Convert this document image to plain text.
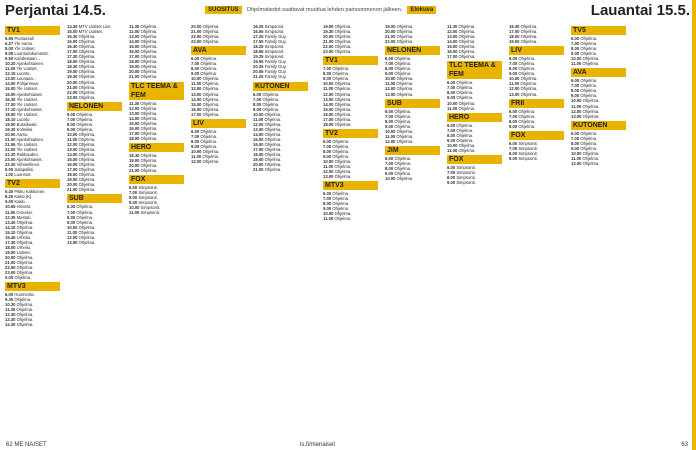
Perjantai 14.5.	SUOSITUS	Ohjelmatiedot saattavat muuttua lehden painoonmenon jälkeen.	Elokuva	Lauantai 15.5.
TV1
5.55 Puoluesali
6.27 Yle Aamu.
9.00 Yle Uutiset.
9.05 Luontodokumentti.
9.50 Kahdestaan...
10.20 Ajankohtainen.
11.00 Yle Uutiset.
12.15 Luonto.
13.00 Lounaan...
14.00 Pohjanmaa.
15.00 Yle Uutiset.
16.00 Ajankohtaiset.
16.30 Yle Uutiset.
17.00 Yle Uutiset.
17.10 Ajankohtaiset.
18.00 Yle Uutiset.
18.10 Luonto.
19.00 Bussikuski.
19.30 Kolmiksi.
20.00 Aamu.
21.00 Ajankohtainen.
21.55 Yle Uutiset.
22.00 Yle Uutiset.
22.20 Rakkauden.
23.00 Ajankohtaiset.
23.30 Viihteellinen.
0.05 Salapoliisi.
1.00 Luonnos.
TV2
5.40 Pikku Kakkonen.
8.20 Kaksi (K).
9.00 Kaksi.
10.55 Hirveät.
11.55 Onneksi.
12.35 Mestari.
13.40 Ohjelma.
14.10 Ohjelma.
15.10 Ohjelma.
15.45 Urheilu.
17.30 Ohjelma.
18.00 Urheilu.
19.00 Uutiset.
20.00 Ohjelma.
21.00 Ohjelma.
22.00 Ohjelma.
23.00 Ohjelma.
0.00 Ohjelma.
MTV3
6.00 Huomenta.
9.35 Ohjelma.
10.30 Ohjelma.
11.30 Ohjelma.
12.30 Ohjelma.
13.30 Ohjelma.
14.30 Ohjelma.
14.30 MTV Uutiset Live.
15.00 MTV Uutiset.
15.30 Ohjelma.
16.00 Ohjelma.
16.30 Ohjelma.
17.00 Ohjelma.
17.30 Ohjelma.
18.00 Ohjelma.
18.30 Ohjelma.
19.00 Ohjelma.
19.30 Ohjelma.
20.00 Ohjelma.
21.00 Ohjelma.
22.00 Ohjelma.
23.00 Ohjelma.
NELONEN
6.00 Ohjelma.
7.00 Ohjelma.
8.00 Ohjelma.
9.00 Ohjelma.
10.00 Ohjelma.
11.00 Ohjelma.
12.00 Ohjelma.
13.00 Ohjelma.
14.00 Ohjelma.
15.00 Ohjelma.
16.00 Ohjelma.
17.00 Ohjelma.
18.00 Ohjelma.
19.00 Ohjelma.
20.00 Ohjelma.
21.00 Ohjelma.
SUB
6.30 Ohjelma.
7.00 Ohjelma.
8.00 Ohjelma.
9.00 Ohjelma.
10.00 Ohjelma.
11.00 Ohjelma.
12.00 Ohjelma.
13.00 Ohjelma.
11.30 Ohjelma.
12.00 Ohjelma.
13.00 Ohjelma.
14.00 Ohjelma.
15.00 Ohjelma.
16.00 Ohjelma.
17.00 Ohjelma.
18.00 Ohjelma.
19.00 Ohjelma.
20.00 Ohjelma.
21.00 Ohjelma.
TLC TEEMA & FEM
11.30 Ohjelma.
12.00 Ohjelma.
13.00 Ohjelma.
14.00 Ohjelma.
15.00 Ohjelma.
16.00 Ohjelma.
17.00 Ohjelma.
18.00 Ohjelma.
HERO
18.30 Ohjelma.
19.00 Ohjelma.
20.00 Ohjelma.
21.00 Ohjelma.
FOX
6.00 Simpsonit.
7.00 Simpsonit.
8.00 Simpsonit.
9.00 Simpsonit.
10.00 Simpsonit.
11.00 Simpsonit.
20.00 Ohjelma.
21.00 Ohjelma.
22.00 Ohjelma.
23.00 Ohjelma.
AVA
6.00 Ohjelma.
7.00 Ohjelma.
8.00 Ohjelma.
9.00 Ohjelma.
10.00 Ohjelma.
11.00 Ohjelma.
12.00 Ohjelma.
13.00 Ohjelma.
14.00 Ohjelma.
15.00 Ohjelma.
16.00 Ohjelma.
17.00 Ohjelma.
LIV
6.00 Ohjelma.
7.00 Ohjelma.
8.00 Ohjelma.
9.00 Ohjelma.
10.00 Ohjelma.
11.00 Ohjelma.
12.00 Ohjelma.
16.25 Simpsonit.
16.55 Simpsonit.
17.25 Family Guy.
17.55 Family Guy.
18.25 Simpsonit.
18.55 Simpsonit.
19.25 Simpsonit.
19.55 Family Guy.
20.25 Family Guy.
20.55 Family Guy.
21.25 Family Guy.
KUTONEN
6.00 Ohjelma.
7.00 Ohjelma.
8.00 Ohjelma.
9.00 Ohjelma.
10.00 Ohjelma.
11.00 Ohjelma.
12.00 Ohjelma.
13.00 Ohjelma.
14.00 Ohjelma.
15.00 Ohjelma.
16.00 Ohjelma.
17.00 Ohjelma.
18.00 Ohjelma.
19.00 Ohjelma.
20.00 Ohjelma.
21.00 Ohjelma.
19.00 Ohjelma.
19.30 Ohjelma.
20.00 Ohjelma.
21.00 Ohjelma.
22.00 Ohjelma.
23.00 Ohjelma.
TV1
7.00 Ohjelma.
8.00 Ohjelma.
9.00 Ohjelma.
10.00 Ohjelma.
11.00 Ohjelma.
12.00 Ohjelma.
13.00 Ohjelma.
14.00 Ohjelma.
15.00 Ohjelma.
16.00 Ohjelma.
17.00 Ohjelma.
18.00 Ohjelma.
TV2
6.00 Ohjelma.
7.00 Ohjelma.
8.00 Ohjelma.
9.00 Ohjelma.
10.00 Ohjelma.
11.00 Ohjelma.
12.00 Ohjelma.
13.00 Ohjelma.
MTV3
6.00 Ohjelma.
7.00 Ohjelma.
8.00 Ohjelma.
9.00 Ohjelma.
10.00 Ohjelma.
11.00 Ohjelma.
19.00 Ohjelma.
20.00 Ohjelma.
21.00 Ohjelma.
22.00 Ohjelma.
NELONEN
6.00 Ohjelma.
7.00 Ohjelma.
8.00 Ohjelma.
9.00 Ohjelma.
10.00 Ohjelma.
11.00 Ohjelma.
12.00 Ohjelma.
13.00 Ohjelma.
SUB
6.00 Ohjelma.
7.00 Ohjelma.
8.00 Ohjelma.
9.00 Ohjelma.
10.00 Ohjelma.
11.00 Ohjelma.
12.00 Ohjelma.
JIM
6.00 Ohjelma.
7.00 Ohjelma.
8.00 Ohjelma.
9.00 Ohjelma.
10.00 Ohjelma.
11.30 Ohjelma.
12.00 Ohjelma.
13.00 Ohjelma.
14.00 Ohjelma.
15.00 Ohjelma.
16.00 Ohjelma.
17.00 Ohjelma.
TLC TEEMA & FEM
6.00 Ohjelma.
7.00 Ohjelma.
8.00 Ohjelma.
9.00 Ohjelma.
10.00 Ohjelma.
11.00 Ohjelma.
HERO
6.00 Ohjelma.
7.00 Ohjelma.
8.00 Ohjelma.
9.00 Ohjelma.
10.00 Ohjelma.
11.00 Ohjelma.
FOX
6.00 Simpsonit.
7.00 Simpsonit.
8.00 Simpsonit.
9.00 Simpsonit.
16.30 Ohjelma.
17.00 Ohjelma.
18.00 Ohjelma.
19.00 Ohjelma.
LIV
6.00 Ohjelma.
7.00 Ohjelma.
8.00 Ohjelma.
9.00 Ohjelma.
10.00 Ohjelma.
11.00 Ohjelma.
12.00 Ohjelma.
13.00 Ohjelma.
FRII
6.00 Ohjelma.
7.00 Ohjelma.
8.00 Ohjelma.
9.00 Ohjelma.
FOX
6.00 Simpsonit.
7.00 Simpsonit.
8.00 Simpsonit.
9.00 Simpsonit.
TV5
6.00 Ohjelma.
7.00 Ohjelma.
8.00 Ohjelma.
9.00 Ohjelma.
10.00 Ohjelma.
11.00 Ohjelma.
AVA
6.00 Ohjelma.
7.00 Ohjelma.
8.00 Ohjelma.
9.00 Ohjelma.
10.00 Ohjelma.
11.00 Ohjelma.
12.00 Ohjelma.
13.00 Ohjelma.
KUTONEN
6.00 Ohjelma.
7.00 Ohjelma.
8.00 Ohjelma.
9.00 Ohjelma.
10.00 Ohjelma.
11.00 Ohjelma.
12.00 Ohjelma.
62 ME NAISET	is.fi/menaiset	63
